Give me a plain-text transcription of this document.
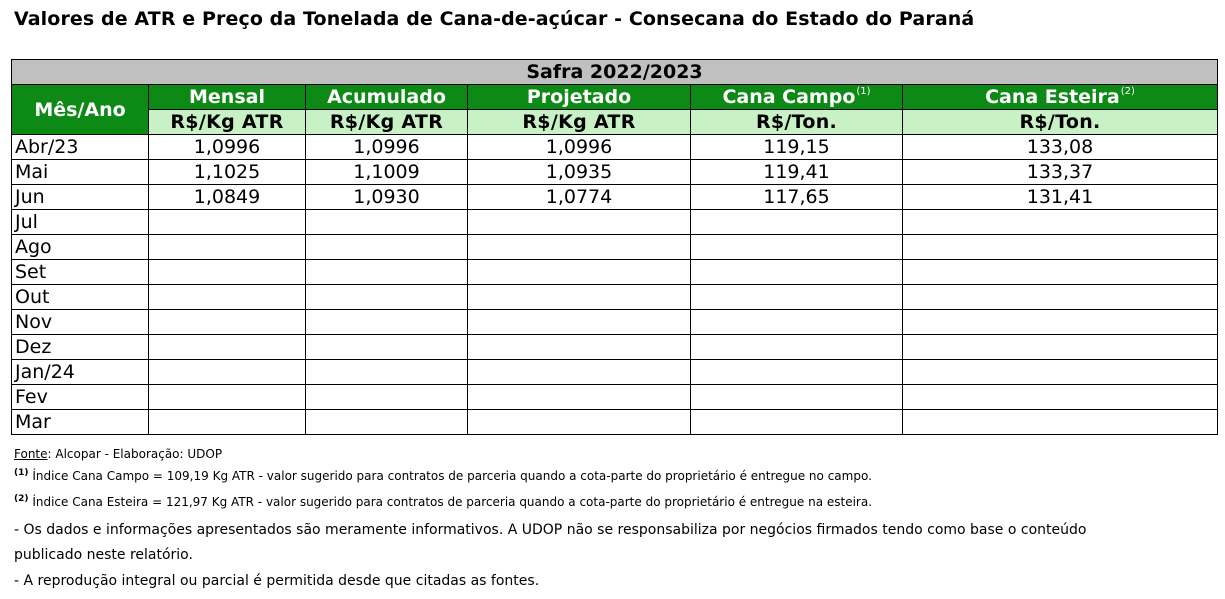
Valores de ATR e Preço da Tonelada de Cana-de-açúcar - Consecana do Estado do Paraná
Safra 2022/2023					
Mês/Ano	Mensal	Acumulado	Projetado	Cana Campo$^{(1)}$	Cana Esteira$^{(2)}$
	R$/Kg ATR	R$/Kg ATR	R$/Kg ATR	R$/Ton.	R$/Ton.
Abr/23	1,0996	1,0996	1,0996	119,15	133,08
Mai	1,1025	1,1009	1,0935	119,41	133,37
Jun	1,0849	1,0930	1,0774	117,65	131,41
Jul					
Ago					
Set					
Out					
Nov					
Dez					
Jan/24					
Fev					
Mar					
Fonte: Alcopar - Elaboração: UDOP
$^{(1)}$ Índice Cana Campo = 109,19 Kg ATR - valor sugerido para contratos de parceria quando a cota-parte do proprietário é entregue no campo.
$^{(2)}$ Índice Cana Esteira = 121,97 Kg ATR - valor sugerido para contratos de parceria quando a cota-parte do proprietário é entregue na esteira.
- Os dados e informações apresentados são meramente informativos. A UDOP não se responsabiliza por negócios firmados tendo como base o conteúdo
publicado neste relatório.
- A reprodução integral ou parcial é permitida desde que citadas as fontes.
